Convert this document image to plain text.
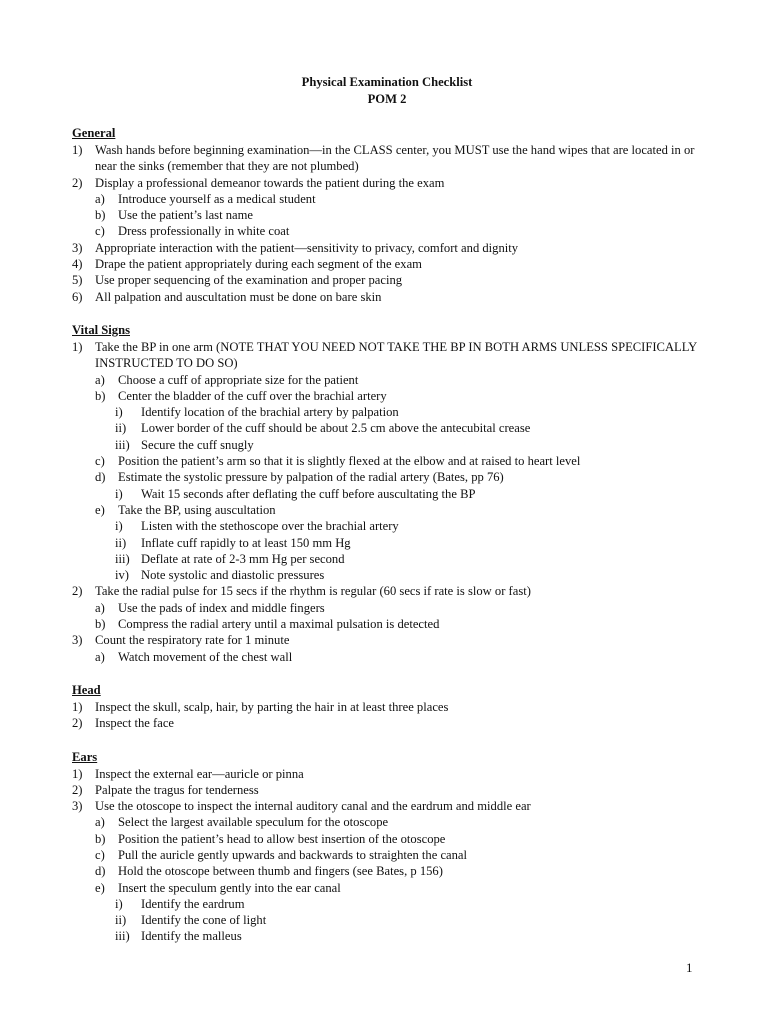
Physical Examination Checklist
POM 2
General
1) Wash hands before beginning examination—in the CLASS center, you MUST use the hand wipes that are located in or near the sinks (remember that they are not plumbed)
2) Display a professional demeanor towards the patient during the exam
a) Introduce yourself as a medical student
b) Use the patient’s last name
c) Dress professionally in white coat
3) Appropriate interaction with the patient—sensitivity to privacy, comfort and dignity
4) Drape the patient appropriately during each segment of the exam
5) Use proper sequencing of the examination and proper pacing
6) All palpation and auscultation must be done on bare skin
Vital Signs
1) Take the BP in one arm (NOTE THAT YOU NEED NOT TAKE THE BP IN BOTH ARMS UNLESS SPECIFICALLY INSTRUCTED TO DO SO)
a) Choose a cuff of appropriate size for the patient
b) Center the bladder of the cuff over the brachial artery
i) Identify location of the brachial artery by palpation
ii) Lower border of the cuff should be about 2.5 cm above the antecubital crease
iii) Secure the cuff snugly
c) Position the patient’s arm so that it is slightly flexed at the elbow and at raised to heart level
d) Estimate the systolic pressure by palpation of the radial artery (Bates, pp 76)
i) Wait 15 seconds after deflating the cuff before auscultating the BP
e) Take the BP, using auscultation
i) Listen with the stethoscope over the brachial artery
ii) Inflate cuff rapidly to at least 150 mm Hg
iii) Deflate at rate of 2-3 mm Hg per second
iv) Note systolic and diastolic pressures
2) Take the radial pulse for 15 secs if the rhythm is regular (60 secs if rate is slow or fast)
a) Use the pads of index and middle fingers
b) Compress the radial artery until a maximal pulsation is detected
3) Count the respiratory rate for 1 minute
a) Watch movement of the chest wall
Head
1) Inspect the skull, scalp, hair, by parting the hair in at least three places
2) Inspect the face
Ears
1) Inspect the external ear—auricle or pinna
2) Palpate the tragus for tenderness
3) Use the otoscope to inspect the internal auditory canal and the eardrum and middle ear
a) Select the largest available speculum for the otoscope
b) Position the patient’s head to allow best insertion of the otoscope
c) Pull the auricle gently upwards and backwards to straighten the canal
d) Hold the otoscope between thumb and fingers (see Bates, p 156)
e) Insert the speculum gently into the ear canal
i) Identify the eardrum
ii) Identify the cone of light
iii) Identify the malleus
1
